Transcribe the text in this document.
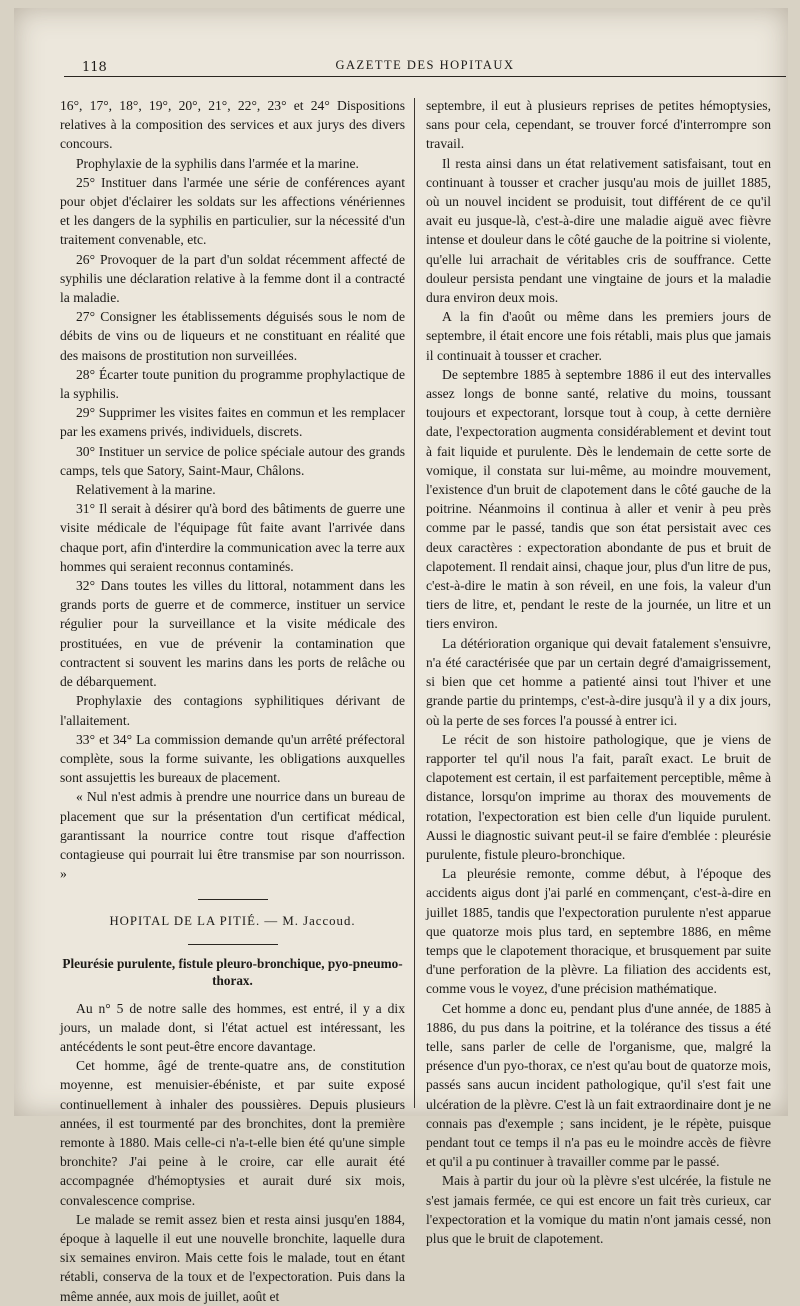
118	GAZETTE DES HOPITAUX

16°, 17°, 18°, 19°, 20°, 21°, 22°, 23° et 24° Dispositions relatives à la composition des services et aux jurys des divers concours.

Prophylaxie de la syphilis dans l'armée et la marine.

25° Instituer dans l'armée une série de conférences ayant pour objet d'éclairer les soldats sur les affections vénériennes et les dangers de la syphilis en particulier, sur la nécessité d'un traitement convenable, etc.

26° Provoquer de la part d'un soldat récemment affecté de syphilis une déclaration relative à la femme dont il a contracté la maladie.

27° Consigner les établissements déguisés sous le nom de débits de vins ou de liqueurs et ne constituant en réalité que des maisons de prostitution non surveillées.

28° Écarter toute punition du programme prophylactique de la syphilis.

29° Supprimer les visites faites en commun et les remplacer par les examens privés, individuels, discrets.

30° Instituer un service de police spéciale autour des grands camps, tels que Satory, Saint-Maur, Châlons.

Relativement à la marine.

31° Il serait à désirer qu'à bord des bâtiments de guerre une visite médicale de l'équipage fût faite avant l'arrivée dans chaque port, afin d'interdire la communication avec la terre aux hommes qui seraient reconnus contaminés.

32° Dans toutes les villes du littoral, notamment dans les grands ports de guerre et de commerce, instituer un service régulier pour la surveillance et la visite médicale des prostituées, en vue de prévenir la contamination que contractent si souvent les marins dans les ports de relâche ou de débarquement.

Prophylaxie des contagions syphilitiques dérivant de l'allaitement.

33° et 34° La commission demande qu'un arrêté préfectoral complète, sous la forme suivante, les obligations auxquelles sont assujettis les bureaux de placement.

« Nul n'est admis à prendre une nourrice dans un bureau de placement que sur la présentation d'un certificat médical, garantissant la nourrice contre tout risque d'affection contagieuse qui pourrait lui être transmise par son nourrisson. »

HOPITAL DE LA PITIÉ. — M. Jaccoud.

Pleurésie purulente, fistule pleuro-bronchique, pyo-pneumo-thorax.

Au n° 5 de notre salle des hommes, est entré, il y a dix jours, un malade dont, si l'état actuel est intéressant, les antécédents le sont peut-être encore davantage.

Cet homme, âgé de trente-quatre ans, de constitution moyenne, est menuisier-ébéniste, et par suite exposé continuellement à inhaler des poussières. Depuis plusieurs années, il est tourmenté par des bronchites, dont la première remonte à 1880. Mais celle-ci n'a-t-elle bien été qu'une simple bronchite? J'ai peine à le croire, car elle aurait été accompagnée d'hémoptysies et aurait duré six mois, convalescence comprise.

Le malade se remit assez bien et resta ainsi jusqu'en 1884, époque à laquelle il eut une nouvelle bronchite, laquelle dura six semaines environ. Mais cette fois le malade, tout en étant rétabli, conserva de la toux et de l'expectoration. Puis dans la même année, aux mois de juillet, août et

septembre, il eut à plusieurs reprises de petites hémoptysies, sans pour cela, cependant, se trouver forcé d'interrompre son travail.

Il resta ainsi dans un état relativement satisfaisant, tout en continuant à tousser et cracher jusqu'au mois de juillet 1885, où un nouvel incident se produisit, tout différent de ce qu'il avait eu jusque-là, c'est-à-dire une maladie aiguë avec fièvre intense et douleur dans le côté gauche de la poitrine si violente, qu'elle lui arrachait de véritables cris de souffrance. Cette douleur persista pendant une vingtaine de jours et la maladie dura environ deux mois.

A la fin d'août ou même dans les premiers jours de septembre, il était encore une fois rétabli, mais plus que jamais il continuait à tousser et cracher.

De septembre 1885 à septembre 1886 il eut des intervalles assez longs de bonne santé, relative du moins, toussant toujours et expectorant, lorsque tout à coup, à cette dernière date, l'expectoration augmenta considérablement et devint tout à fait liquide et purulente. Dès le lendemain de cette sorte de vomique, il constata sur lui-même, au moindre mouvement, l'existence d'un bruit de clapotement dans le côté gauche de la poitrine. Néanmoins il continua à aller et venir à peu près comme par le passé, tandis que son état persistait avec ces deux caractères : expectoration abondante de pus et bruit de clapotement. Il rendait ainsi, chaque jour, plus d'un litre de pus, c'est-à-dire le matin à son réveil, en une fois, la valeur d'un tiers de litre, et, pendant le reste de la journée, un litre et un tiers environ.

La détérioration organique qui devait fatalement s'ensuivre, n'a été caractérisée que par un certain degré d'amaigrissement, si bien que cet homme a patienté ainsi tout l'hiver et une grande partie du printemps, c'est-à-dire jusqu'à il y a dix jours, où la perte de ses forces l'a poussé à entrer ici.

Le récit de son histoire pathologique, que je viens de rapporter tel qu'il nous l'a fait, paraît exact. Le bruit de clapotement est certain, il est parfaitement perceptible, même à distance, lorsqu'on imprime au thorax des mouvements de rotation, l'expectoration est bien celle d'un liquide purulent. Aussi le diagnostic suivant peut-il se faire d'emblée : pleurésie purulente, fistule pleuro-bronchique.

La pleurésie remonte, comme début, à l'époque des accidents aigus dont j'ai parlé en commençant, c'est-à-dire en juillet 1885, tandis que l'expectoration purulente n'est apparue que quatorze mois plus tard, en septembre 1886, en même temps que le clapotement thoracique, et brusquement par suite d'une perforation de la plèvre. La filiation des accidents est, comme vous le voyez, d'une précision mathématique.

Cet homme a donc eu, pendant plus d'une année, de 1885 à 1886, du pus dans la poitrine, et la tolérance des tissus a été telle, sans parler de celle de l'organisme, que, malgré la présence d'un pyo-thorax, ce n'est qu'au bout de quatorze mois, passés sans aucun incident pathologique, qu'il s'est fait une ulcération de la plèvre. C'est là un fait extraordinaire dont je ne connais pas d'exemple ; sans incident, je le répète, puisque pendant tout ce temps il n'a pas eu le moindre accès de fièvre et qu'il a pu continuer à travailler comme par le passé.

Mais à partir du jour où la plèvre s'est ulcérée, la fistule ne s'est jamais fermée, ce qui est encore un fait très curieux, car l'expectoration et la vomique du matin n'ont jamais cessé, non plus que le bruit de clapotement.
